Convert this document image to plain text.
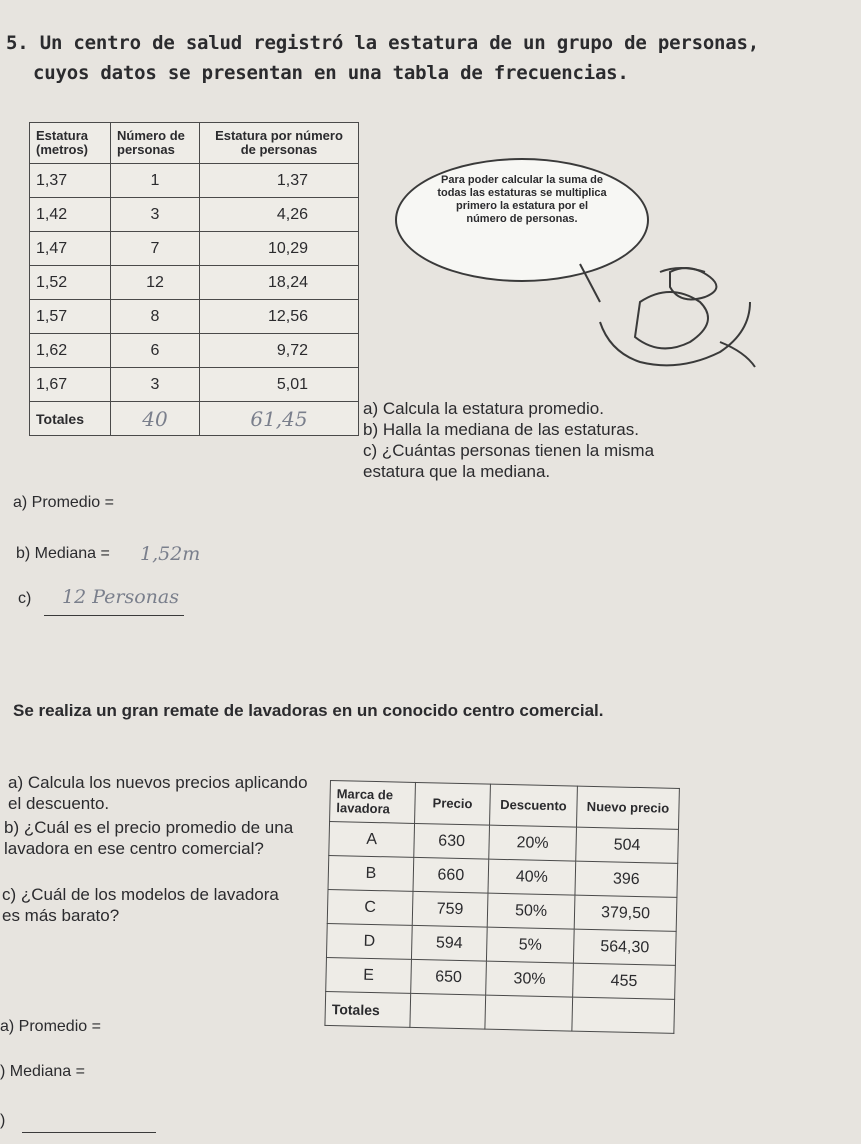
5. Un centro de salud registró la estatura de un grupo de personas,
cuyos datos se presentan en una tabla de frecuencias.
Estatura (metros)	Número de personas	Estatura por número de personas
1,37	1	1,37
1,42	3	4,26
1,47	7	10,29
1,52	12	18,24
1,57	8	12,56
1,62	6	9,72
1,67	3	5,01
Totales	40	61,45
Para poder calcular la suma de todas las estaturas se multiplica primero la estatura por el número de personas.
a) Calcula la estatura promedio.
b) Halla la mediana de las estaturas.
c) ¿Cuántas personas tienen la misma estatura que la mediana.
a) Promedio =
b) Mediana = 1,52m
c) 12 Personas
Se realiza un gran remate de lavadoras en un conocido centro comercial.
a) Calcula los nuevos precios aplicando el descuento.
b) ¿Cuál es el precio promedio de una lavadora en ese centro comercial?
c) ¿Cuál de los modelos de lavadora es más barato?
Marca de lavadora	Precio	Descuento	Nuevo precio
A	630	20%	504
B	660	40%	396
C	759	50%	379,50
D	594	5%	564,30
E	650	30%	455
Totales			
a) Promedio =
) Mediana =
)
